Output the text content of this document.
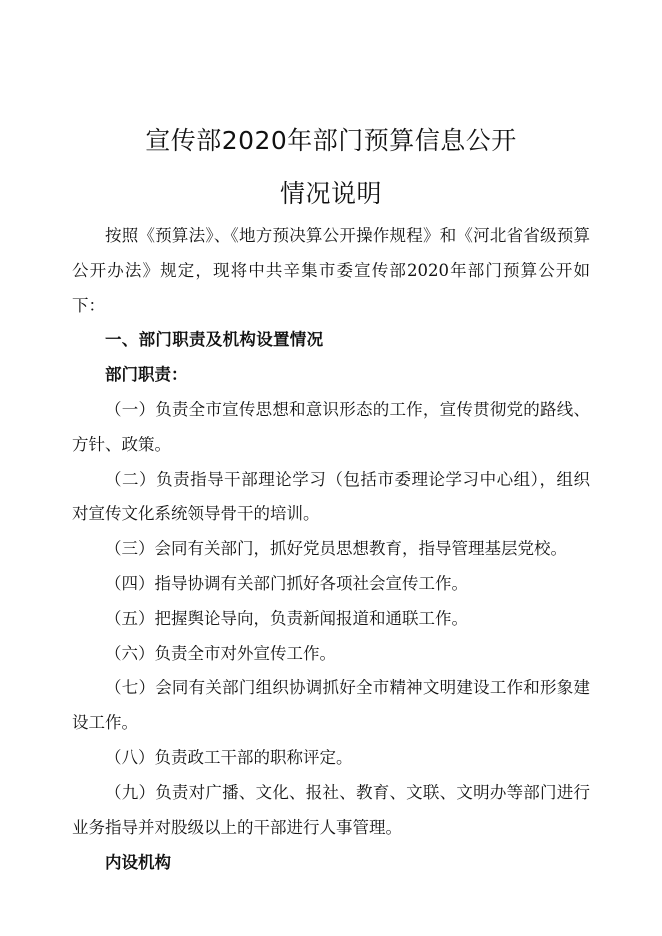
宣传部2020年部门预算信息公开
情况说明

按照《预算法》、《地方预决算公开操作规程》和《河北省省级预算公开办法》规定，现将中共辛集市委宣传部2020年部门预算公开如下：

一、部门职责及机构设置情况

部门职责：

（一）负责全市宣传思想和意识形态的工作，宣传贯彻党的路线、方针、政策。

（二）负责指导干部理论学习（包括市委理论学习中心组），组织对宣传文化系统领导骨干的培训。

（三）会同有关部门，抓好党员思想教育，指导管理基层党校。

（四）指导协调有关部门抓好各项社会宣传工作。

（五）把握舆论导向，负责新闻报道和通联工作。

（六）负责全市对外宣传工作。

（七）会同有关部门组织协调抓好全市精神文明建设工作和形象建设工作。

（八）负责政工干部的职称评定。

（九）负责对广播、文化、报社、教育、文联、文明办等部门进行业务指导并对股级以上的干部进行人事管理。

内设机构
